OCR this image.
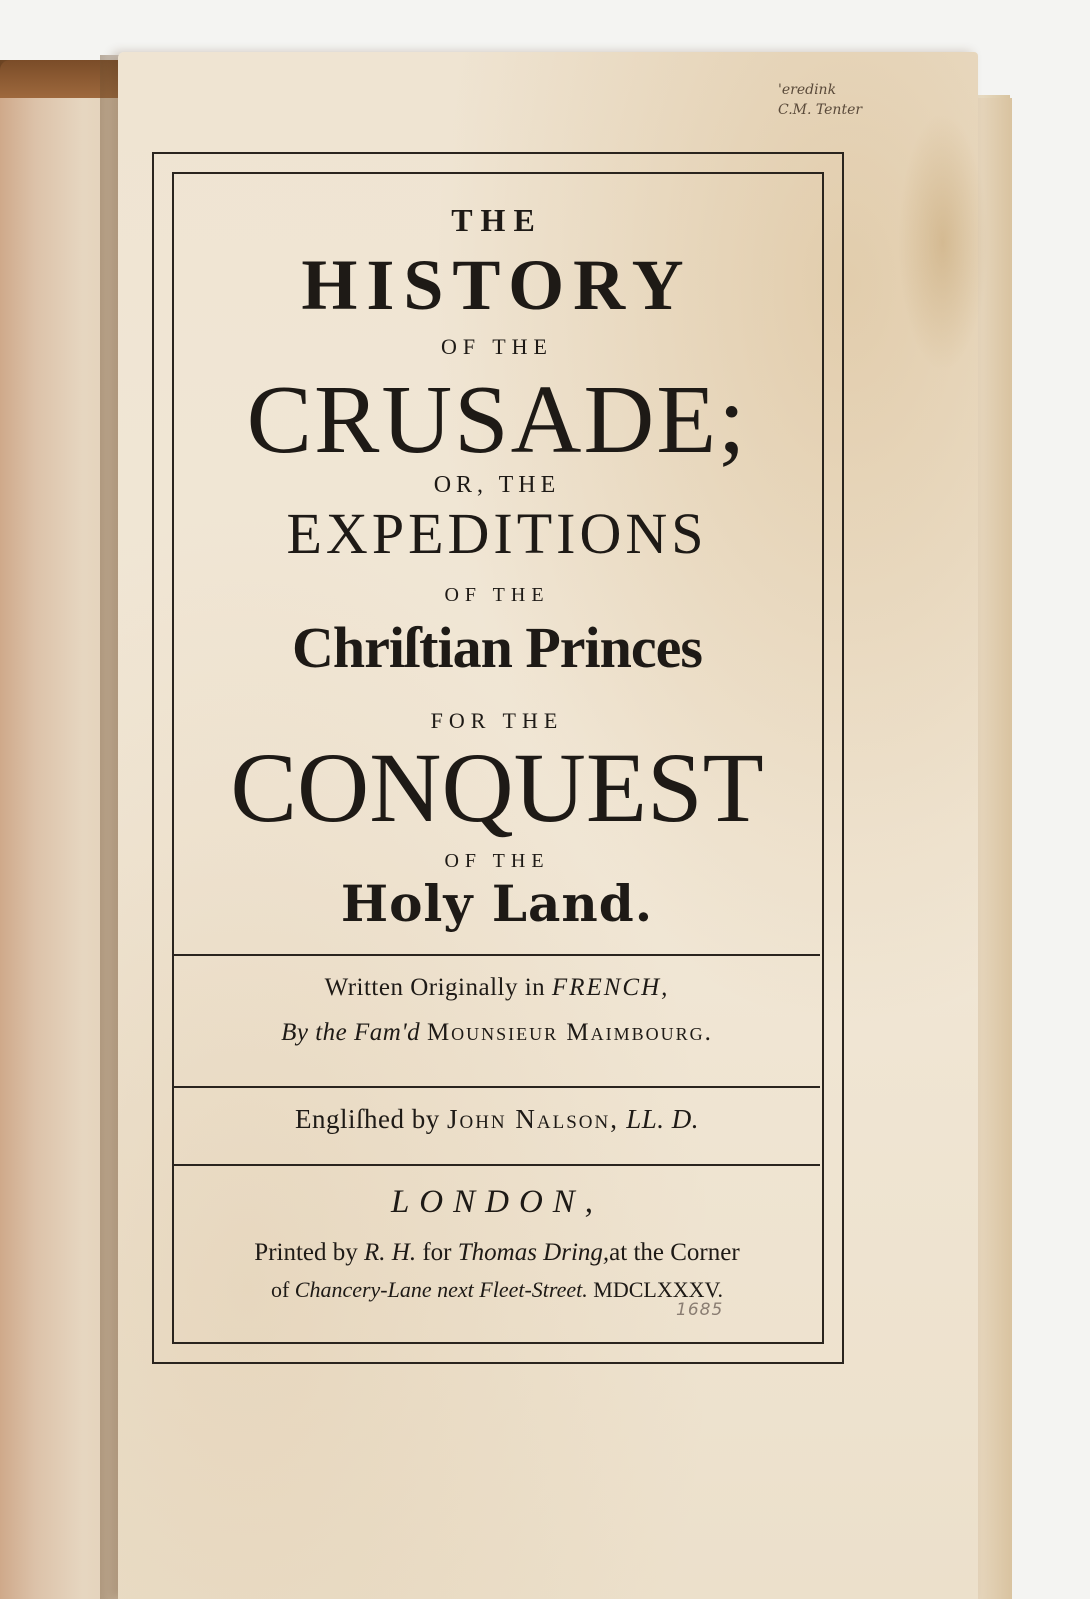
'eredink
C.M. Tenter
THE
HISTORY
OF THE
CRUSADE;
OR, THE
EXPEDITIONS
OF THE
Chriſtian Princes
FOR THE
CONQUEST
OF THE
Holy Land.
Written Originally in FRENCH,
By the Fam'd Mounsieur Maimbourg.
Engliſhed by John Nalson, LL. D.
LONDON,
Printed by R. H. for Thomas Dring,at the Corner
of Chancery-Lane next Fleet-Street. MDCLXXXV.
1685
